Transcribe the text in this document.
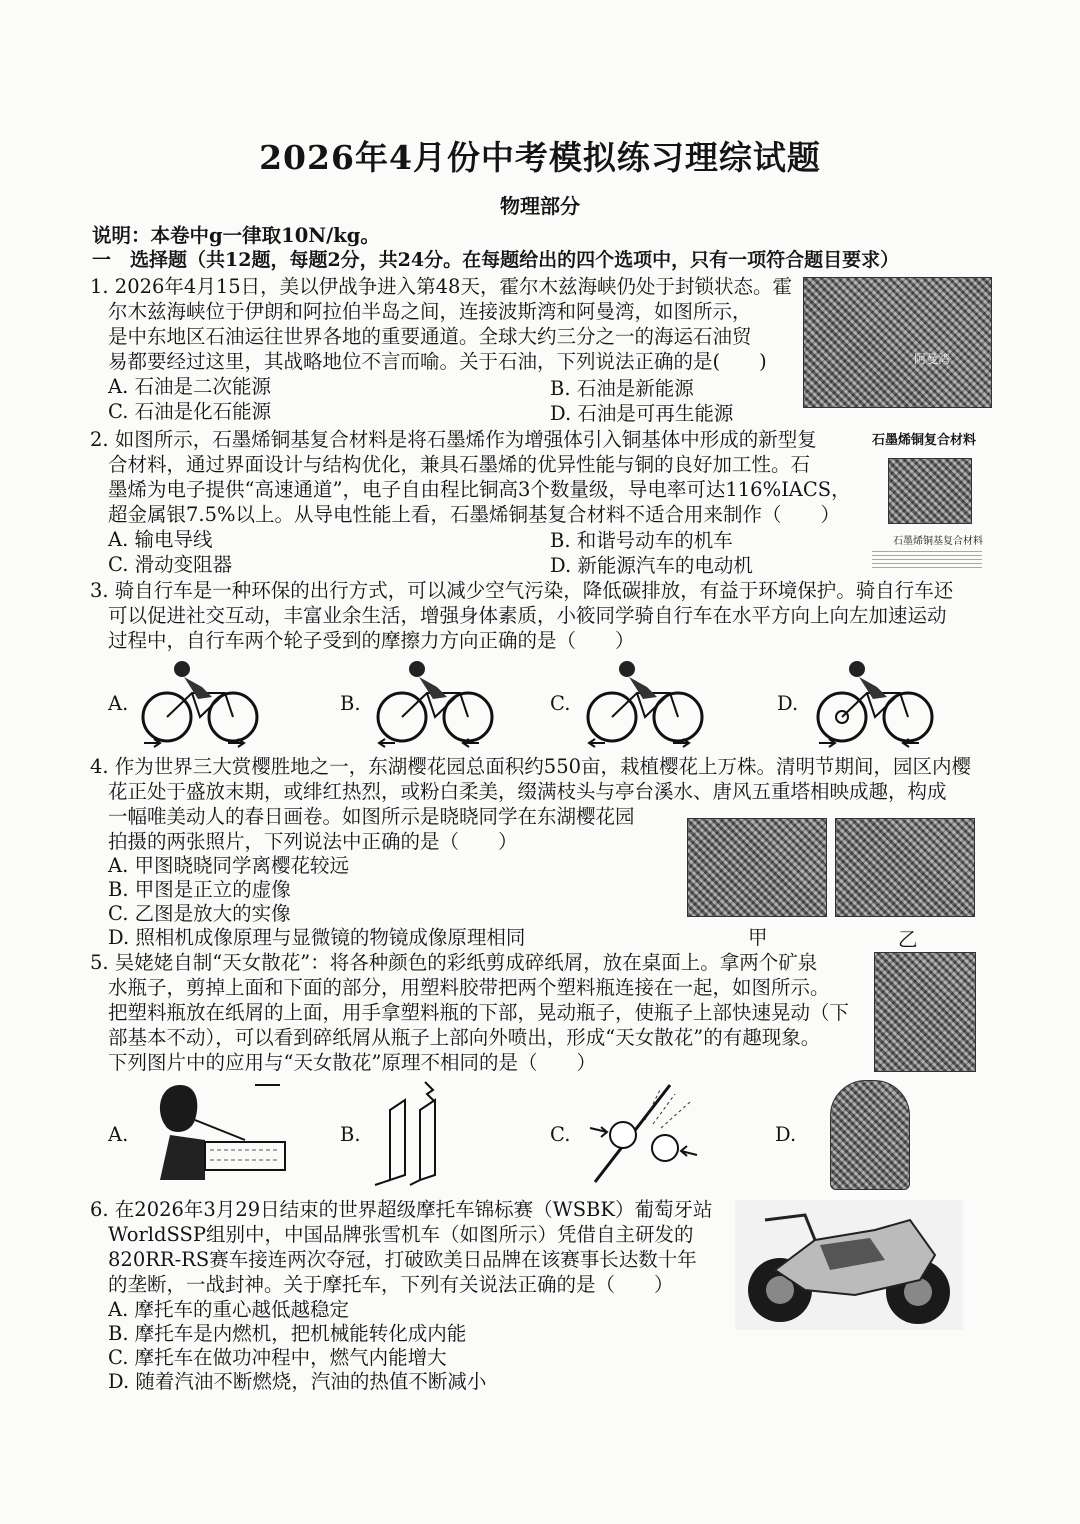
2026年4月份中考模拟练习理综试题
物理部分
说明：本卷中g一律取10N/kg。
一　选择题（共12题，每题2分，共24分。在每题给出的四个选项中，只有一项符合题目要求）
1. 2026年4月15日，美以伊战争进入第48天，霍尔木兹海峡仍处于封锁状态。霍
尔木兹海峡位于伊朗和阿拉伯半岛之间，连接波斯湾和阿曼湾，如图所示，
是中东地区石油运往世界各地的重要通道。全球大约三分之一的海运石油贸
易都要经过这里，其战略地位不言而喻。关于石油，下列说法正确的是(　　)
A. 石油是二次能源	B. 石油是新能源
C. 石油是化石能源	D. 石油是可再生能源
阿曼湾
2. 如图所示，石墨烯铜基复合材料是将石墨烯作为增强体引入铜基体中形成的新型复
合材料，通过界面设计与结构优化，兼具石墨烯的优异性能与铜的良好加工性。石
墨烯为电子提供“高速通道”，电子自由程比铜高3个数量级，导电率可达116%IACS，
超金属银7.5%以上。从导电性能上看，石墨烯铜基复合材料不适合用来制作（　　）
A. 输电导线	B. 和谐号动车的机车
C. 滑动变阻器	D. 新能源汽车的电动机
石墨烯铜复合材料
石墨烯铜基复合材料
3. 骑自行车是一种环保的出行方式，可以减少空气污染，降低碳排放，有益于环境保护。骑自行车还
可以促进社交互动，丰富业余生活，增强身体素质，小筱同学骑自行车在水平方向上向左加速运动
过程中，自行车两个轮子受到的摩擦力方向正确的是（　　）
A.	B.	C.	D.
4. 作为世界三大赏樱胜地之一，东湖樱花园总面积约550亩，栽植樱花上万株。清明节期间，园区内樱
花正处于盛放末期，或绯红热烈，或粉白柔美，缀满枝头与亭台溪水、唐风五重塔相映成趣，构成
一幅唯美动人的春日画卷。如图所示是晓晓同学在东湖樱花园
拍摄的两张照片，下列说法中正确的是（　　）
A. 甲图晓晓同学离樱花较远
B. 甲图是正立的虚像
C. 乙图是放大的实像
D. 照相机成像原理与显微镜的物镜成像原理相同	甲	乙
5. 吴姥姥自制“天女散花”：将各种颜色的彩纸剪成碎纸屑，放在桌面上。拿两个矿泉
水瓶子，剪掉上面和下面的部分，用塑料胶带把两个塑料瓶连接在一起，如图所示。
把塑料瓶放在纸屑的上面，用手拿塑料瓶的下部，晃动瓶子，使瓶子上部快速晃动（下
部基本不动），可以看到碎纸屑从瓶子上部向外喷出，形成“天女散花”的有趣现象。
下列图片中的应用与“天女散花”原理不相同的是（　　）
A.	B.	C.	D.
6. 在2026年3月29日结束的世界超级摩托车锦标赛（WSBK）葡萄牙站
WorldSSP组别中，中国品牌张雪机车（如图所示）凭借自主研发的
820RR-RS赛车接连两次夺冠，打破欧美日品牌在该赛事长达数十年
的垄断，一战封神。关于摩托车，下列有关说法正确的是（　　）
A. 摩托车的重心越低越稳定
B. 摩托车是内燃机，把机械能转化成内能
C. 摩托车在做功冲程中，燃气内能增大
D. 随着汽油不断燃烧，汽油的热值不断减小
